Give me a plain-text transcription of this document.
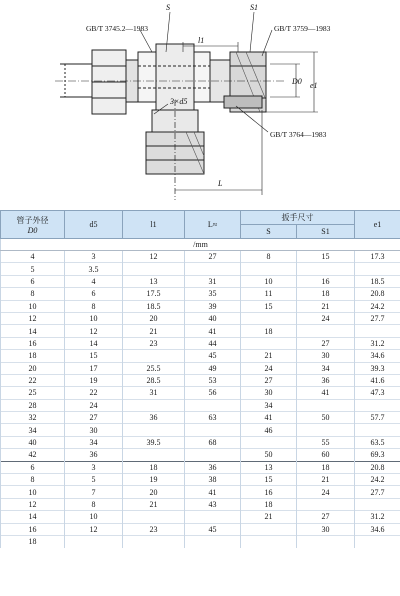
GB/T 3745.2—1983	GB/T 3759—1983
GB/T 3764—1983
S	S1
l1
D0 e1
3×d5
L
管子外径
D0	d5	l1	L≈	扳手尺寸		e1
				S	S1	
/mm						
4	3	12	27	8	15	17.3
5	3.5					
6	4	13	31	10	16	18.5
8	6	17.5	35	11	18	20.8
10	8	18.5	39	15	21	24.2
12	10	20	40		24	27.7
14	12	21	41	18		
16	14	23	44		27	31.2
18	15		45	21	30	34.6
20	17	25.5	49	24	34	39.3
22	19	28.5	53	27	36	41.6
25	22	31	56	30	41	47.3
28	24			34		
32	27	36	63	41	50	57.7
34	30			46		
40	34	39.5	68		55	63.5
42	36			50	60	69.3
6	3	18	36	13	18	20.8
8	5	19	38	15	21	24.2
10	7	20	41	16	24	27.7
12	8	21	43	18		
14	10			21	27	31.2
16	12	23	45		30	34.6
18						
